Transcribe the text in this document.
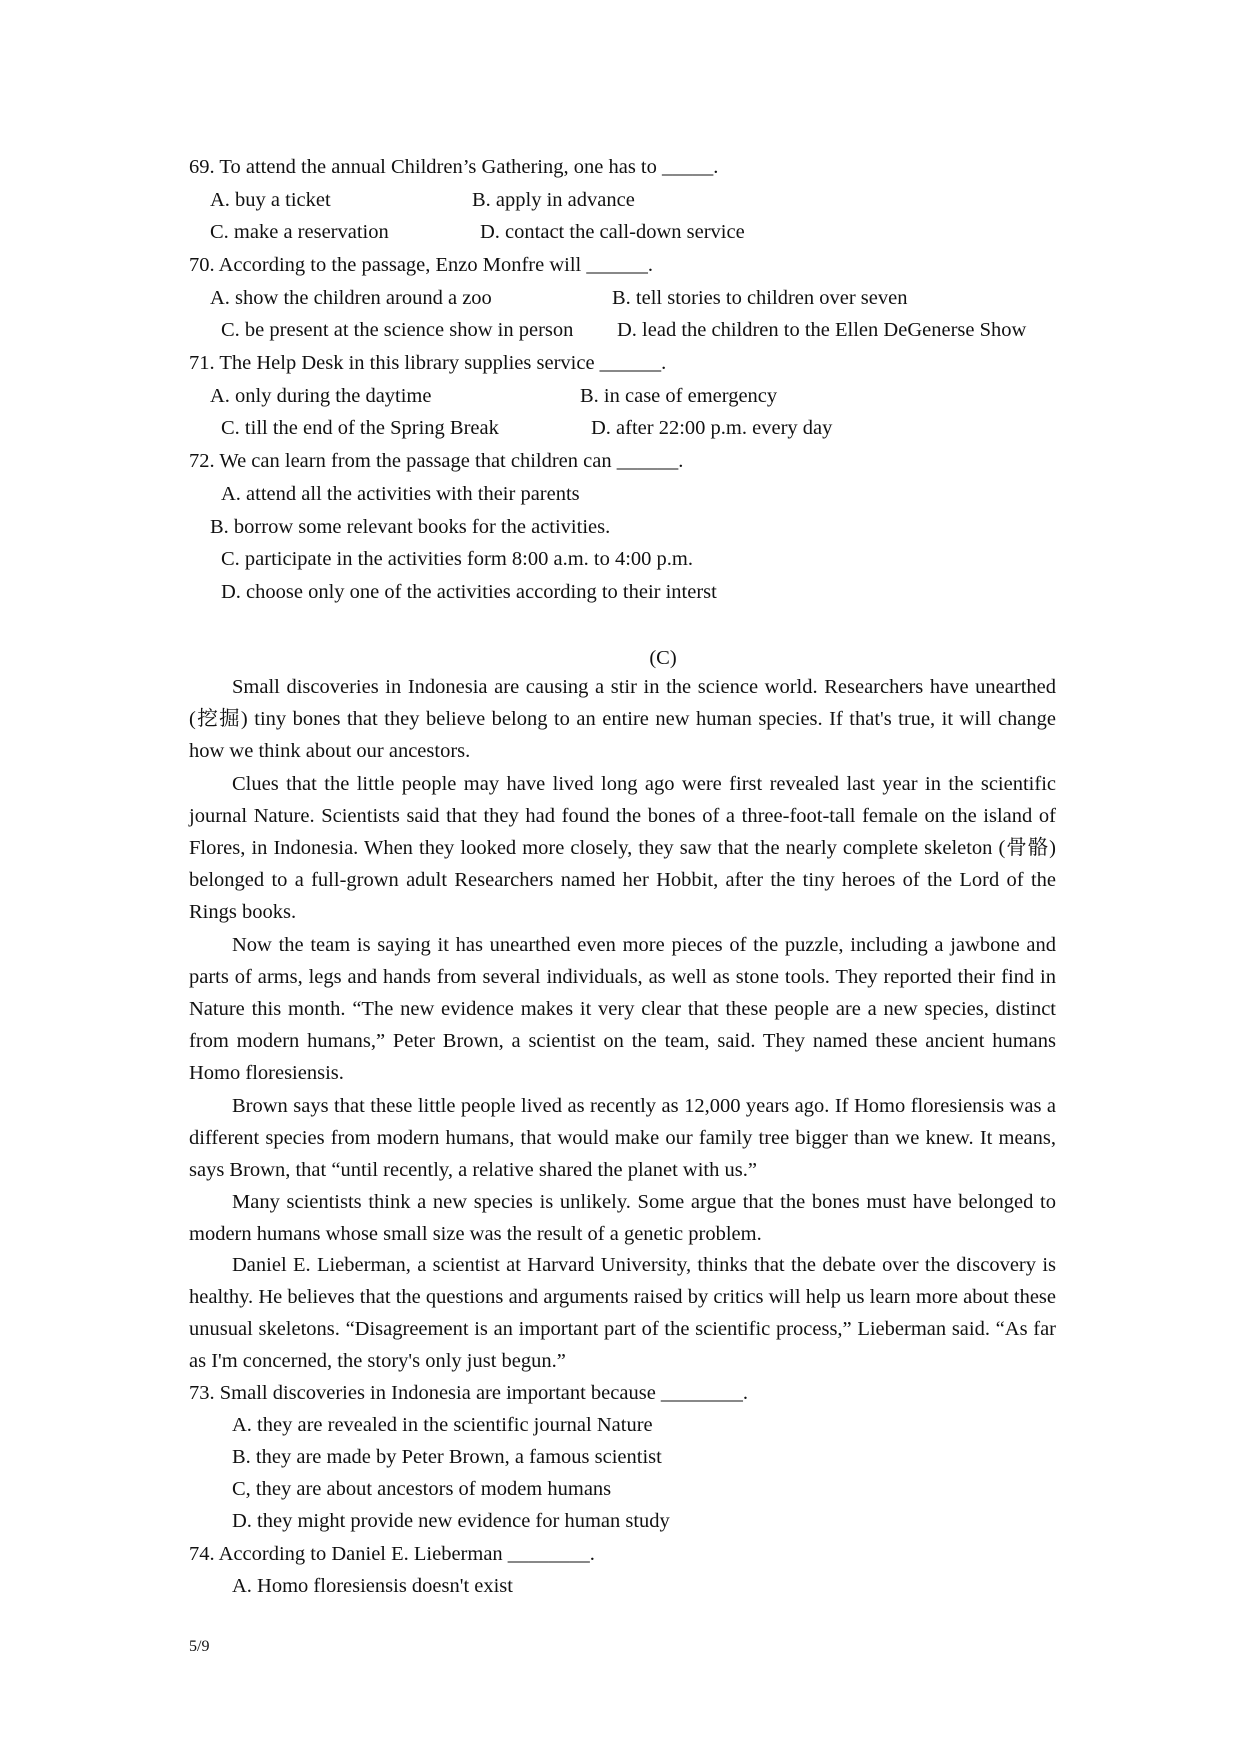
69. To attend the annual Children’s Gathering, one has to _____.

A. buy a ticket	B. apply in advance

C. make a reservation	D. contact the call-down service

70. According to the passage, Enzo Monfre will ______.

A. show the children around a zoo	B. tell stories to children over seven

C. be present at the science show in person D. lead the children to the Ellen DeGenerse Show

71. The Help Desk in this library supplies service ______.

A. only during the daytime	B. in case of emergency

C. till the end of the Spring Break	D. after 22:00 p.m. every day

72. We can learn from the passage that children can ______.

A. attend all the activities with their parents

B. borrow some relevant books for the activities.

C. participate in the activities form 8:00 a.m. to 4:00 p.m.

D. choose only one of the activities according to their interst

(C)

Small discoveries in Indonesia are causing a stir in the science world. Researchers have unearthed (挖掘) tiny bones that they believe belong to an entire new human species. If that's true, it will change how we think about our ancestors.

Clues that the little people may have lived long ago were first revealed last year in the scientific journal Nature. Scientists said that they had found the bones of a three-foot-tall female on the island of Flores, in Indonesia. When they looked more closely, they saw that the nearly complete skeleton (骨骼) belonged to a full-grown adult Researchers named her Hobbit, after the tiny heroes of the Lord of the Rings books.

Now the team is saying it has unearthed even more pieces of the puzzle, including a jawbone and parts of arms, legs and hands from several individuals, as well as stone tools. They reported their find in Nature this month. “The new evidence makes it very clear that these people are a new species, distinct from modern humans,” Peter Brown, a scientist on the team, said. They named these ancient humans Homo floresiensis.

Brown says that these little people lived as recently as 12,000 years ago. If Homo floresiensis was a different species from modern humans, that would make our family tree bigger than we knew. It means, says Brown, that “until recently, a relative shared the planet with us.”

Many scientists think a new species is unlikely. Some argue that the bones must have belonged to modern humans whose small size was the result of a genetic problem.

Daniel E. Lieberman, a scientist at Harvard University, thinks that the debate over the discovery is healthy. He believes that the questions and arguments raised by critics will help us learn more about these unusual skeletons. “Disagreement is an important part of the scientific process,” Lieberman said. “As far as I'm concerned, the story's only just begun.”

73. Small discoveries in Indonesia are important because ________.

A. they are revealed in the scientific journal Nature

B. they are made by Peter Brown, a famous scientist

C, they are about ancestors of modem humans

D. they might provide new evidence for human study

74. According to Daniel E. Lieberman ________.

A. Homo floresiensis doesn't exist

5/9
